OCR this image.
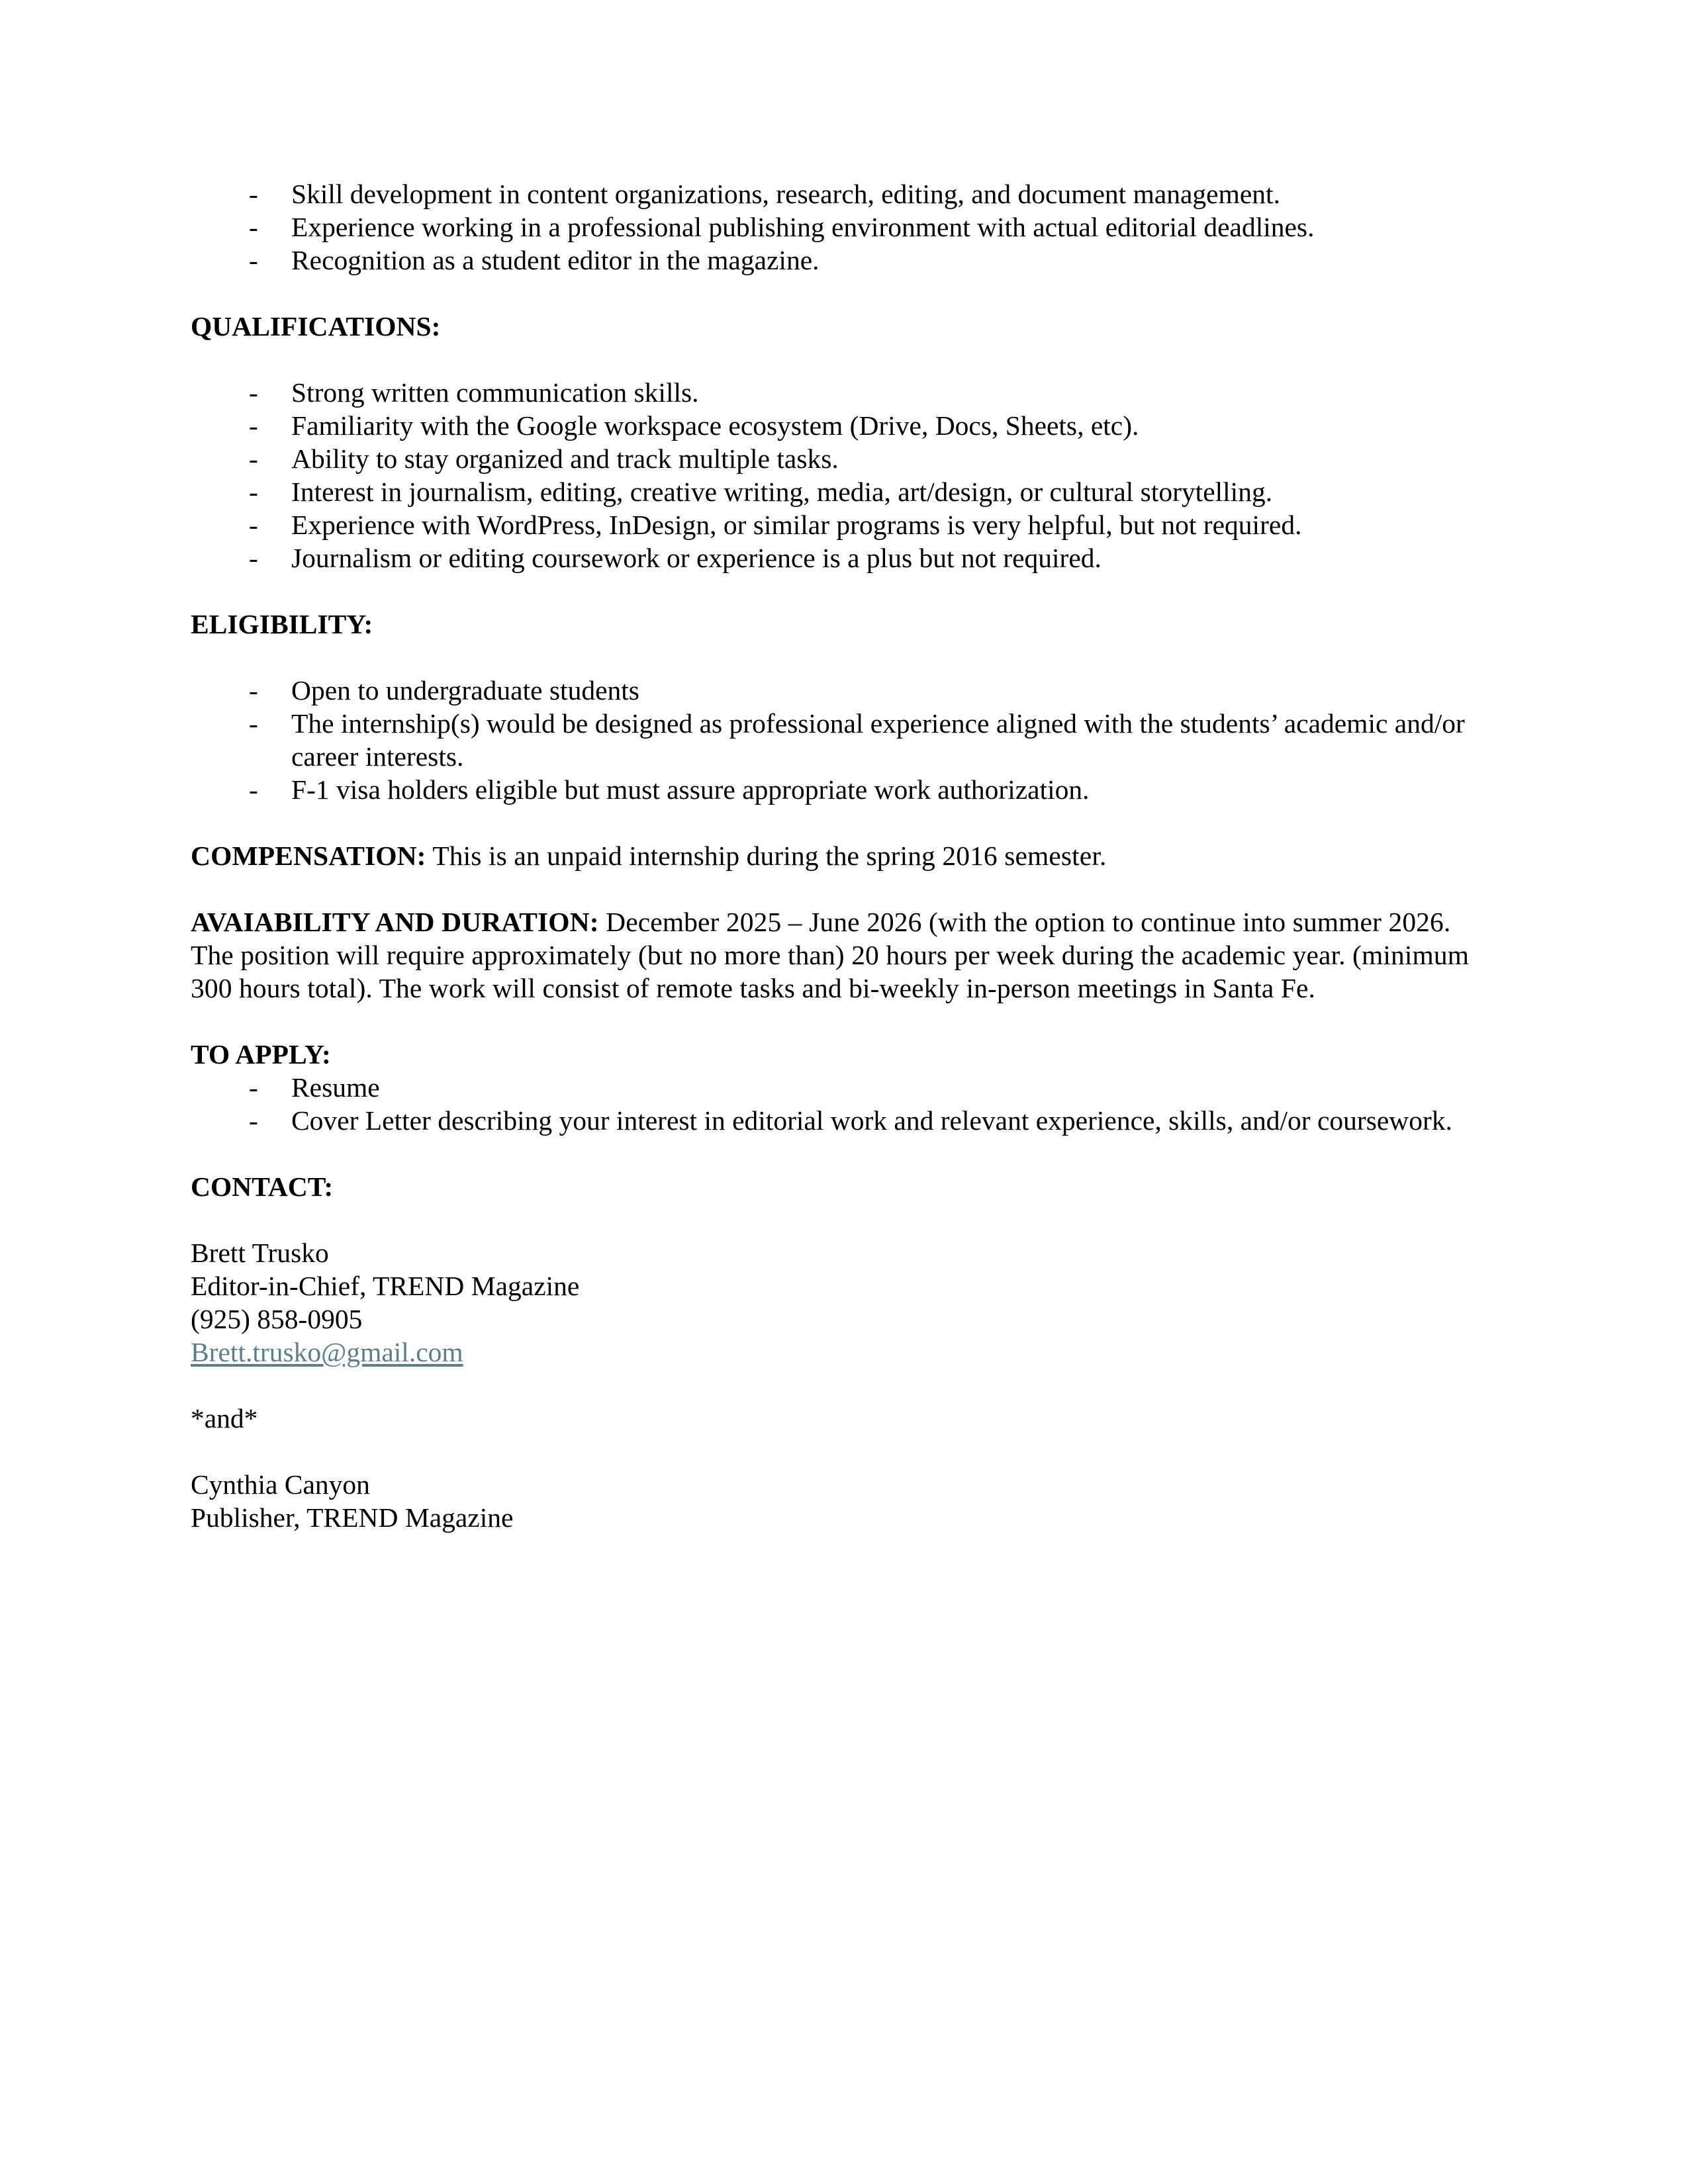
- Skill development in content organizations, research, editing, and document management.
- Experience working in a professional publishing environment with actual editorial deadlines.
- Recognition as a student editor in the magazine.

QUALIFICATIONS:

- Strong written communication skills.
- Familiarity with the Google workspace ecosystem (Drive, Docs, Sheets, etc).
- Ability to stay organized and track multiple tasks.
- Interest in journalism, editing, creative writing, media, art/design, or cultural storytelling.
- Experience with WordPress, InDesign, or similar programs is very helpful, but not required.
- Journalism or editing coursework or experience is a plus but not required.

ELIGIBILITY:

- Open to undergraduate students
- The internship(s) would be designed as professional experience aligned with the students’ academic and/or career interests.
- F-1 visa holders eligible but must assure appropriate work authorization.

COMPENSATION: This is an unpaid internship during the spring 2016 semester.

AVAIABILITY AND DURATION: December 2025 – June 2026 (with the option to continue into summer 2026. The position will require approximately (but no more than) 20 hours per week during the academic year. (minimum 300 hours total). The work will consist of remote tasks and bi-weekly in-person meetings in Santa Fe.

TO APPLY:

- Resume
- Cover Letter describing your interest in editorial work and relevant experience, skills, and/or coursework.

CONTACT:

Brett Trusko

Editor-in-Chief, TREND Magazine

(925) 858-0905

Brett.trusko@gmail.com

*and*

Cynthia Canyon

Publisher, TREND Magazine
